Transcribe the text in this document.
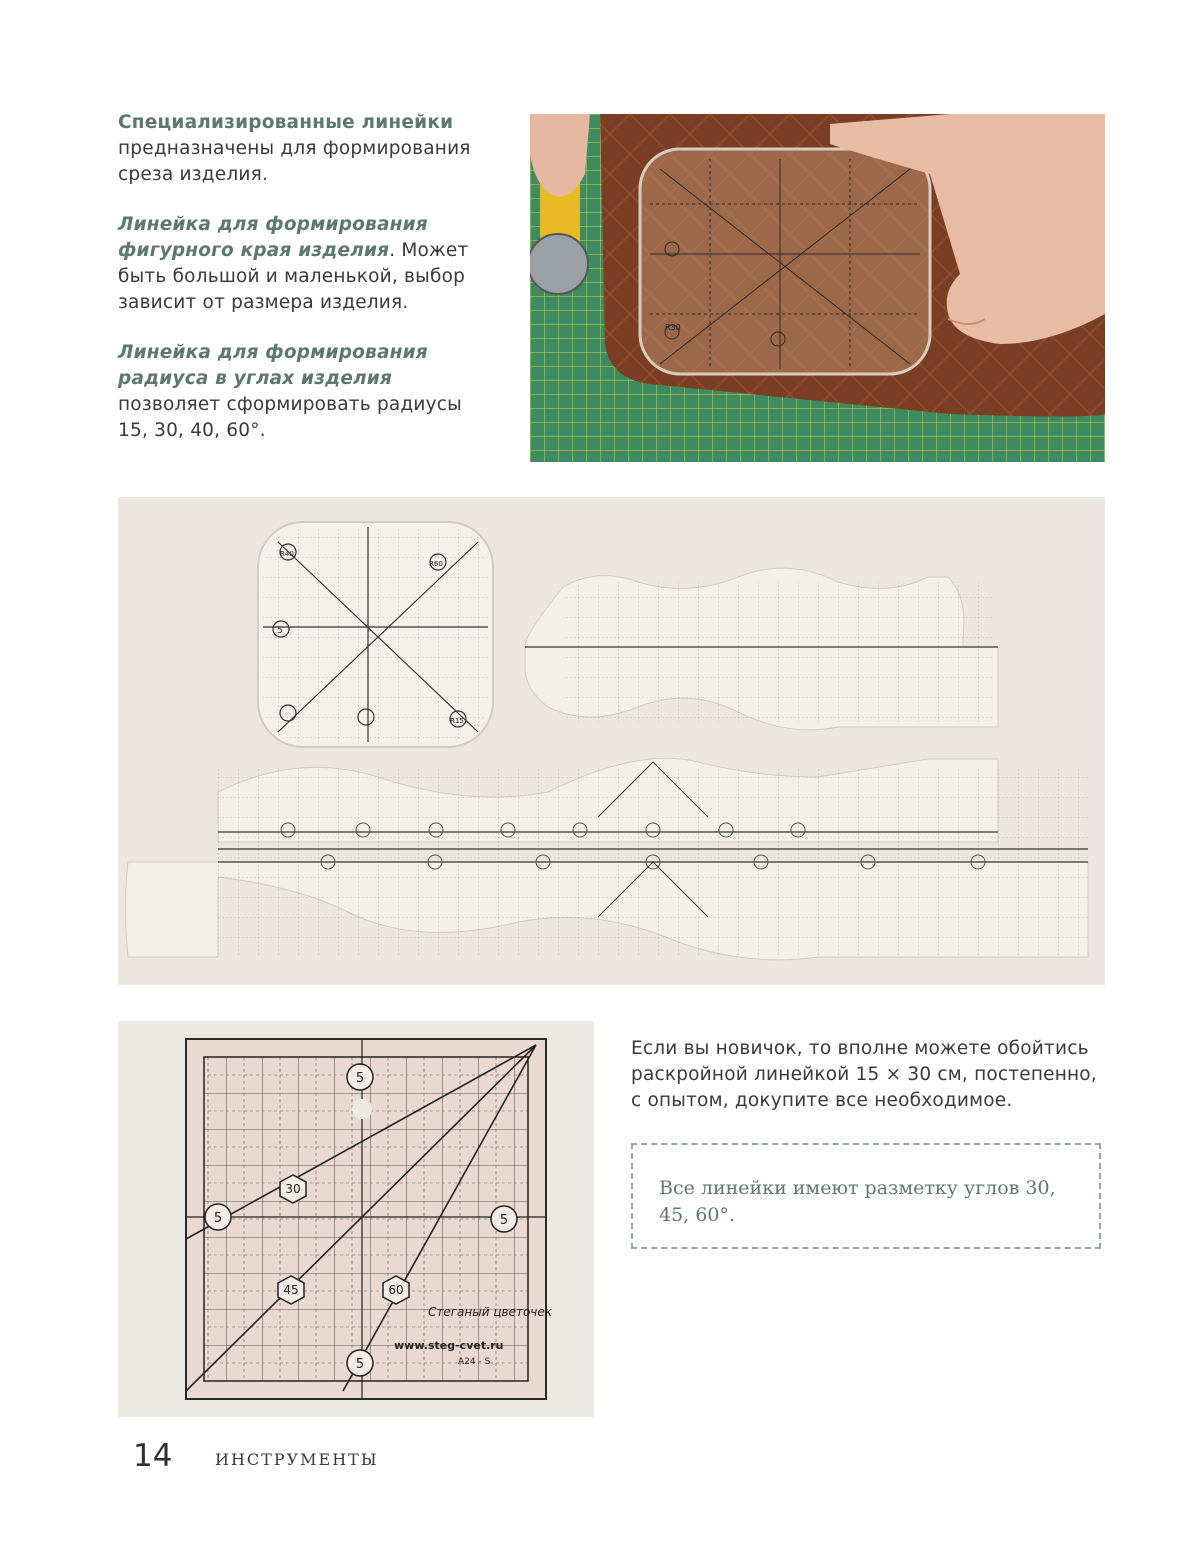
Специализированные линейки предназначены для формирования среза изделия.

Линейка для формирования фигурного края изделия. Может быть большой и маленькой, выбор зависит от размера изделия.

Линейка для формирования радиуса в углах изделия позволяет сформировать радиусы 15, 30, 40, 60°.

R30
5
R40
R60
R15
5
5	5
5
30
45	60
Стеганый цветочек
www.steg-cvet.ru
A24 - S

Если вы новичок, то вполне можете обойтись раскройной линейкой 15 × 30 см, постепенно, с опытом, докупите все необходимое.

Все линейки имеют разметку углов 30, 45, 60°.

14	ИНСТРУМЕНТЫ
